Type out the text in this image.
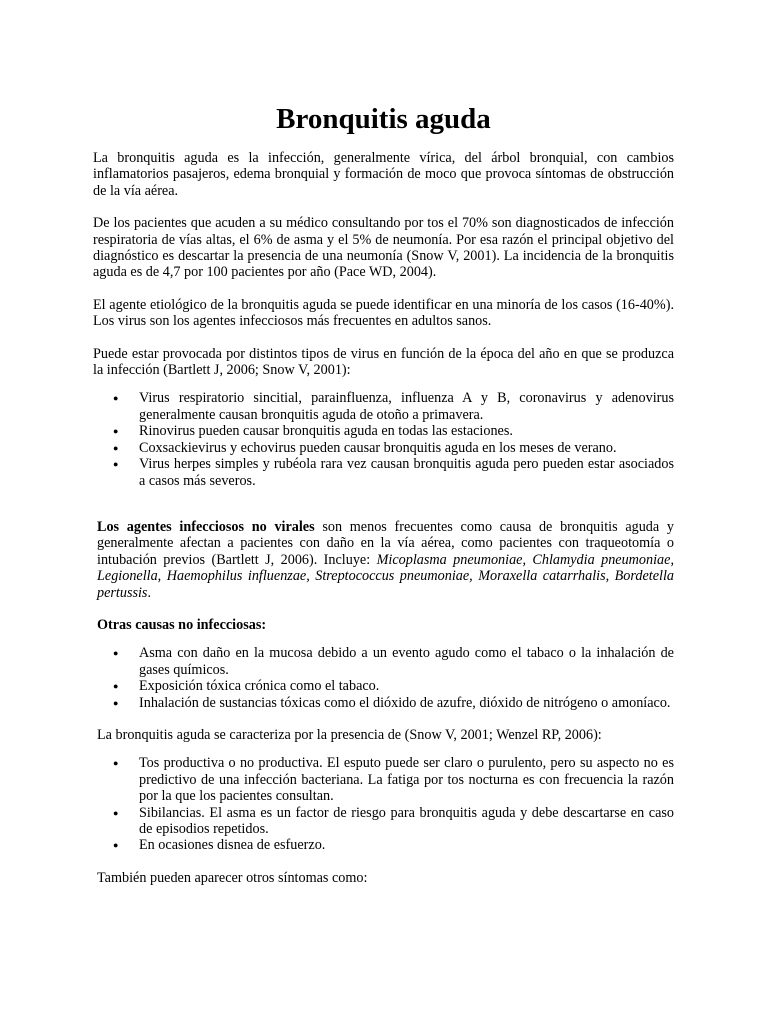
Bronquitis aguda

La bronquitis aguda es la infección, generalmente vírica, del árbol bronquial, con cambios inflamatorios pasajeros, edema bronquial y formación de moco que provoca síntomas de obstrucción de la vía aérea.

De los pacientes que acuden a su médico consultando por tos el 70% son diagnosticados de infección respiratoria de vías altas, el 6% de asma y el 5% de neumonía. Por esa razón el principal objetivo del diagnóstico es descartar la presencia de una neumonía (Snow V, 2001). La incidencia de la bronquitis aguda es de 4,7 por 100 pacientes por año (Pace WD, 2004).

El agente etiológico de la bronquitis aguda se puede identificar en una minoría de los casos (16-40%). Los virus son los agentes infecciosos más frecuentes en adultos sanos.

Puede estar provocada por distintos tipos de virus en función de la época del año en que se produzca la infección (Bartlett J, 2006; Snow V, 2001):

● Virus respiratorio sincitial, parainfluenza, influenza A y B, coronavirus y adenovirus generalmente causan bronquitis aguda de otoño a primavera.
● Rinovirus pueden causar bronquitis aguda en todas las estaciones.
● Coxsackievirus y echovirus pueden causar bronquitis aguda en los meses de verano.
● Virus herpes simples y rubéola rara vez causan bronquitis aguda pero pueden estar asociados a casos más severos.

Los agentes infecciosos no virales son menos frecuentes como causa de bronquitis aguda y generalmente afectan a pacientes con daño en la vía aérea, como pacientes con traqueotomía o intubación previos (Bartlett J, 2006). Incluye: Micoplasma pneumoniae, Chlamydia pneumoniae, Legionella, Haemophilus influenzae, Streptococcus pneumoniae, Moraxella catarrhalis, Bordetella pertussis.

Otras causas no infecciosas:

● Asma con daño en la mucosa debido a un evento agudo como el tabaco o la inhalación de gases químicos.
● Exposición tóxica crónica como el tabaco.
● Inhalación de sustancias tóxicas como el dióxido de azufre, dióxido de nitrógeno o amoníaco.

La bronquitis aguda se caracteriza por la presencia de (Snow V, 2001; Wenzel RP, 2006):

● Tos productiva o no productiva. El esputo puede ser claro o purulento, pero su aspecto no es predictivo de una infección bacteriana. La fatiga por tos nocturna es con frecuencia la razón por la que los pacientes consultan.
● Sibilancias. El asma es un factor de riesgo para bronquitis aguda y debe descartarse en caso de episodios repetidos.
● En ocasiones disnea de esfuerzo.

También pueden aparecer otros síntomas como:
